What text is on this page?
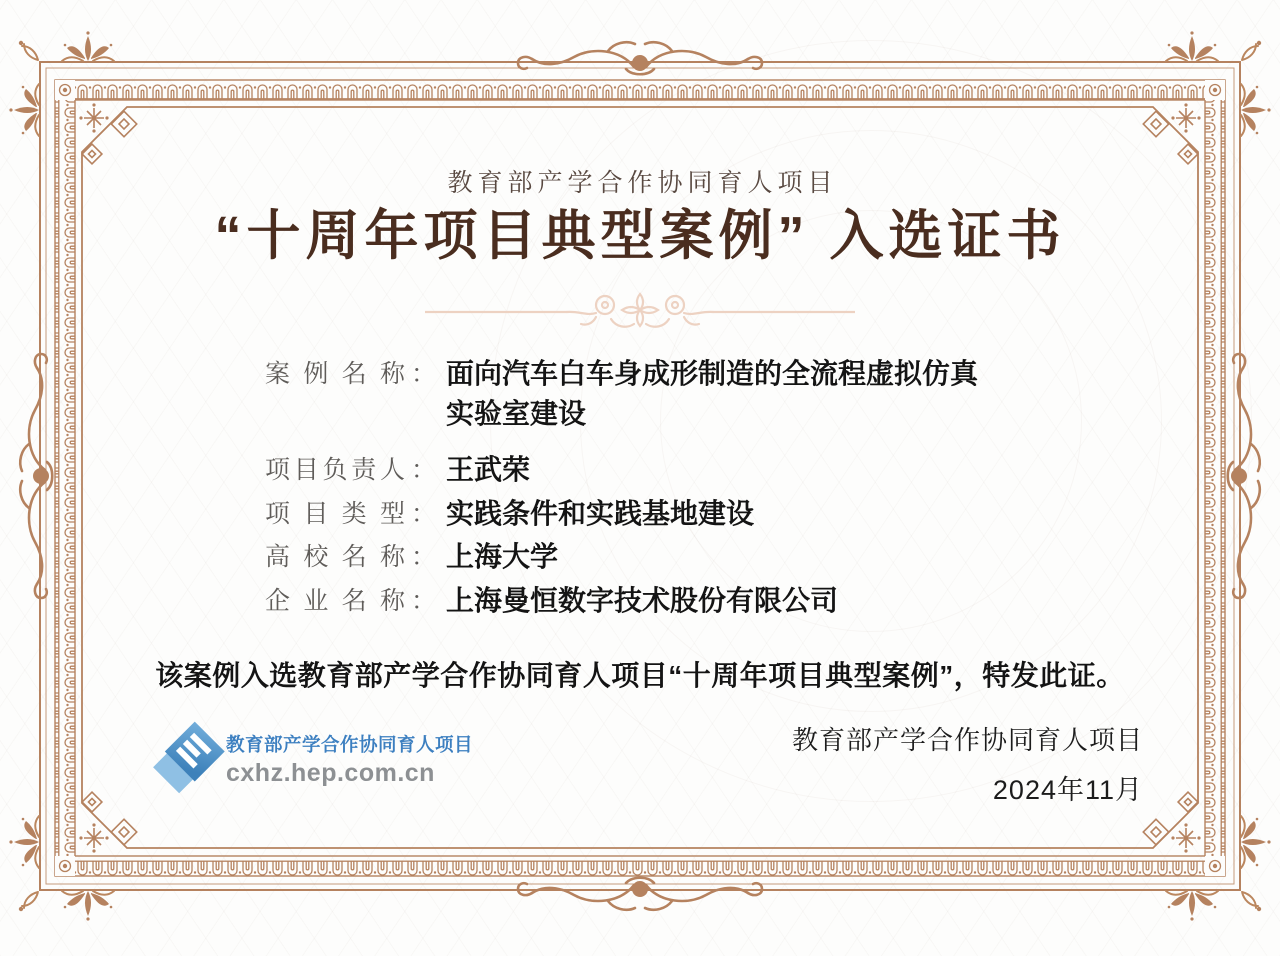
教育部产学合作协同育人项目
“十周年项目典型案例” 入选证书
案 例 名 称 ： 面向汽车白车身成形制造的全流程虚拟仿真实验室建设
项 目 负 责 人 ： 王武荣
项 目 类 型 ： 实践条件和实践基地建设
高 校 名 称 ： 上海大学
企 业 名 称 ： 上海曼恒数字技术股份有限公司
该案例入选教育部产学合作协同育人项目“十周年项目典型案例”，特发此证。
教育部产学合作协同育人项目
cxhz.hep.com.cn
教育部产学合作协同育人项目
2024年11月
